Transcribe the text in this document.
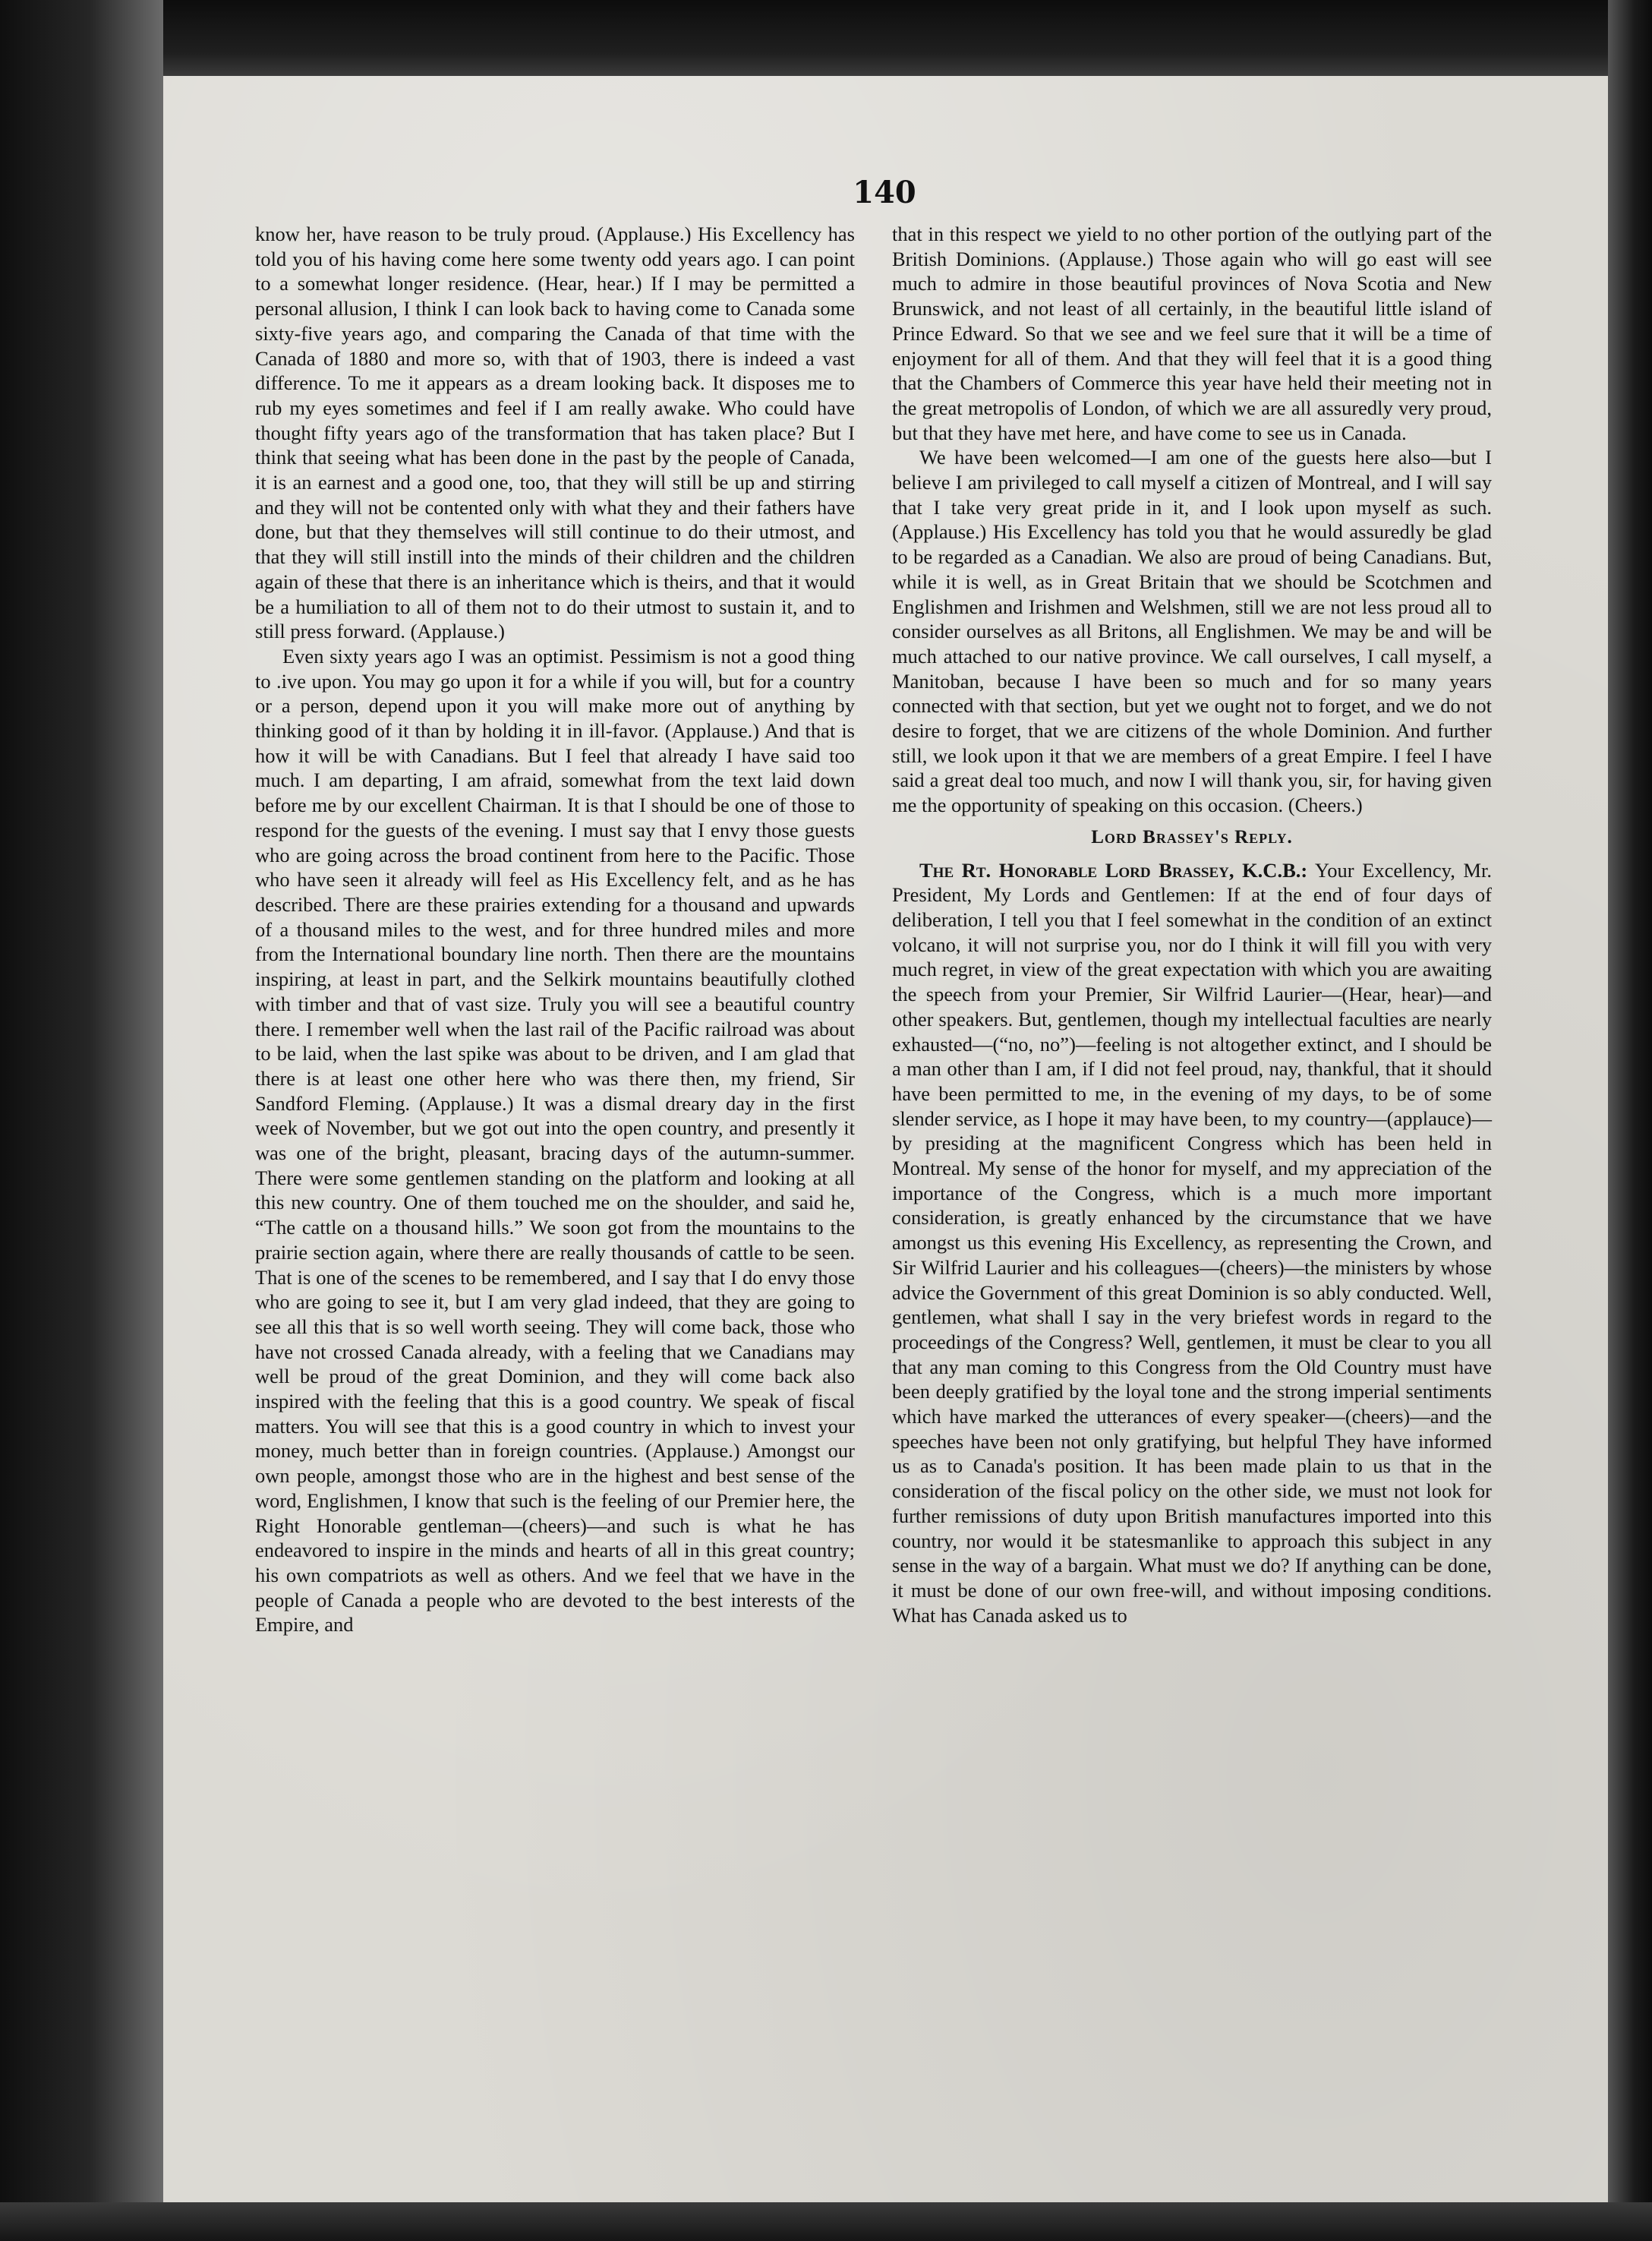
140

know her, have reason to be truly proud. (Applause.) His Excellency has told you of his having come here some twenty odd years ago. I can point to a somewhat longer residence. (Hear, hear.) If I may be permitted a personal allusion, I think I can look back to having come to Canada some sixty-five years ago, and comparing the Canada of that time with the Canada of 1880 and more so, with that of 1903, there is indeed a vast difference. To me it appears as a dream looking back. It disposes me to rub my eyes sometimes and feel if I am really awake. Who could have thought fifty years ago of the transformation that has taken place? But I think that seeing what has been done in the past by the people of Canada, it is an earnest and a good one, too, that they will still be up and stirring and they will not be contented only with what they and their fathers have done, but that they themselves will still continue to do their utmost, and that they will still instill into the minds of their children and the children again of these that there is an inheritance which is theirs, and that it would be a humiliation to all of them not to do their utmost to sustain it, and to still press forward. (Applause.)

Even sixty years ago I was an optimist. Pessimism is not a good thing to ⁠.ive upon. You may go upon it for a while if you will, but for a country or a person, depend upon it you will make more out of anything by thinking good of it than by holding it in ill-favor. (Applause.) And that is how it will be with Canadians. But I feel that already I have said too much. I am departing, I am afraid, somewhat from the text laid down before me by our excellent Chairman. It is that I should be one of those to respond for the guests of the evening. I must say that I envy those guests who are going across the broad continent from here to the Pacific. Those who have seen it already will feel as His Excellency felt, and as he has described. There are these prairies extending for a thousand and upwards of a thousand miles to the west, and for three hundred miles and more from the International boundary line north. Then there are the mountains inspiring, at least in part, and the Selkirk mountains beautifully clothed with timber and that of vast size. Truly you will see a beautiful country there. I remember well when the last rail of the Pacific railroad was about to be laid, when the last spike was about to be driven, and I am glad that there is at least one other here who was there then, my friend, Sir Sandford Fleming. (Applause.) It was a dismal dreary day in the first week of November, but we got out into the open country, and presently it was one of the bright, pleasant, bracing days of the autumn-summer. There were some gentlemen standing on the platform and looking at all this new country. One of them touched me on the shoulder, and said he, “The cattle on a thousand hills.” We soon got from the mountains to the prairie section again, where there are really thousands of cattle to be seen. That is one of the scenes to be remembered, and I say that I do envy those who are going to see it, but I am very glad indeed, that they are going to see all this that is so well worth seeing. They will come back, those who have not crossed Canada already, with a feeling that we Canadians may well be proud of the great Dominion, and they will come back also inspired with the feeling that this is a good country. We speak of fiscal matters. You will see that this is a good country in which to invest your money, much better than in foreign countries. (Applause.) Amongst our own people, amongst those who are in the highest and best sense of the word, Englishmen, I know that such is the feeling of our Premier here, the Right Honorable gentleman—(cheers)—and such is what he has endeavored to inspire in the minds and hearts of all in this great country; his own compatriots as well as others. And we feel that we have in the people of Canada a people who are devoted to the best interests of the Empire, and

that in this respect we yield to no other portion of the outlying part of the British Dominions. (Applause.) Those again who will go east will see much to admire in those beautiful provinces of Nova Scotia and New Brunswick, and not least of all certainly, in the beautiful little island of Prince Edward. So that we see and we feel sure that it will be a time of enjoyment for all of them. And that they will feel that it is a good thing that the Chambers of Commerce this year have held their meeting not in the great metropolis of London, of which we are all assuredly very proud, but that they have met here, and have come to see us in Canada.

We have been welcomed—I am one of the guests here also—but I believe I am privileged to call myself a citizen of Montreal, and I will say that I take very great pride in it, and I look upon myself as such. (Applause.) His Excellency has told you that he would assuredly be glad to be regarded as a Canadian. We also are proud of being Canadians. But, while it is well, as in Great Britain that we should be Scotchmen and Englishmen and Irishmen and Welshmen, still we are not less proud all to consider ourselves as all Britons, all Englishmen. We may be and will be much attached to our native province. We call ourselves, I call myself, a Manitoban, because I have been so much and for so many years connected with that section, but yet we ought not to forget, and we do not desire to forget, that we are citizens of the whole Dominion. And further still, we look upon it that we are members of a great Empire. I feel I have said a great deal too much, and now I will thank you, sir, for having given me the opportunity of speaking on this occasion. (Cheers.)

Lord Brassey's Reply.

The Rt. Honorable Lord Brassey, K.C.B.: Your Excellency, Mr. President, My Lords and Gentlemen: If at the end of four days of deliberation, I tell you that I feel somewhat in the condition of an extinct volcano, it will not surprise you, nor do I think it will fill you with very much regret, in view of the great expectation with which you are awaiting the speech from your Premier, Sir Wilfrid Laurier—(Hear, hear)—and other speakers. But, gentlemen, though my intellectual faculties are nearly exhausted—(“no, no”)—feeling is not altogether extinct, and I should be a man other than I am, if I did not feel proud, nay, thankful, that it should have been permitted to me, in the evening of my days, to be of some slender service, as I hope it may have been, to my country—(applauce)—by presiding at the magnificent Congress which has been held in Montreal. My sense of the honor for myself, and my appreciation of the importance of the Congress, which is a much more important consideration, is greatly enhanced by the circumstance that we have amongst us this evening His Excellency, as representing the Crown, and Sir Wilfrid Laurier and his colleagues—(cheers)—the ministers by whose advice the Government of this great Dominion is so ably conducted. Well, gentlemen, what shall I say in the very briefest words in regard to the proceedings of the Congress? Well, gentlemen, it must be clear to you all that any man coming to this Congress from the Old Country must have been deeply gratified by the loyal tone and the strong imperial sentiments which have marked the utterances of every speaker—(cheers)—and the speeches have been not only gratifying, but helpful They have informed us as to Canada's position. It has been made plain to us that in the consideration of the fiscal policy on the other side, we must not look for further remissions of duty upon British manufactures imported into this country, nor would it be statesmanlike to approach this subject in any sense in the way of a bargain. What must we do? If anything can be done, it must be done of our own free-will, and without imposing conditions. What has Canada asked us to
